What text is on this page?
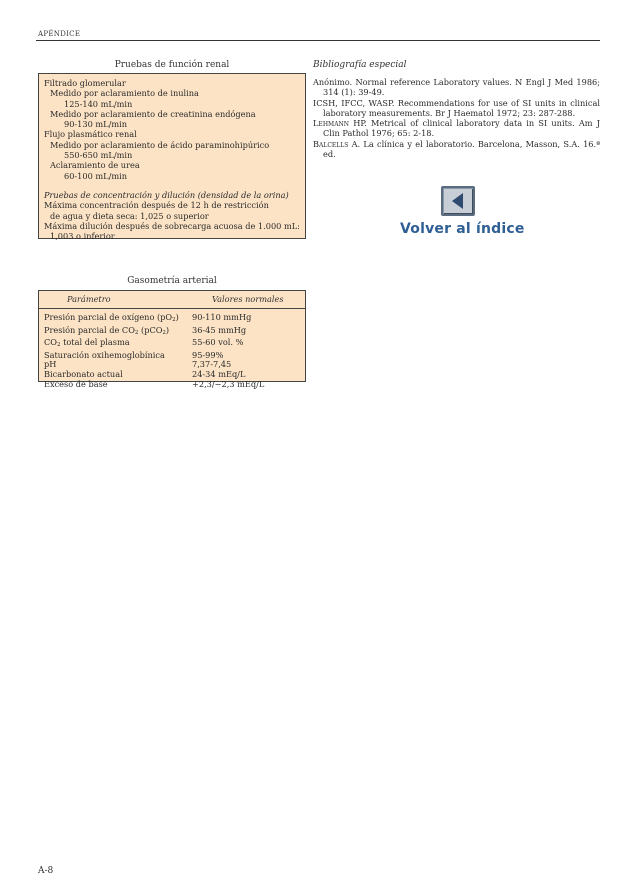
APÉNDICE
Pruebas de función renal
Filtrado glomerular
Medido por aclaramiento de inulina
125-140 mL/min
Medido por aclaramiento de creatinina endógena
90-130 mL/min
Flujo plasmático renal
Medido por aclaramiento de ácido paraminohipúrico
550-650 mL/min
Aclaramiento de urea
60-100 mL/min
Pruebas de concentración y dilución (densidad de la orina)
Máxima concentración después de 12 h de restricción
de agua y dieta seca: 1,025 o superior
Máxima dilución después de sobrecarga acuosa de 1.000 mL:
1,003 o inferior
Gasometría arterial
Parámetro	Valores normales
Presión parcial de oxígeno $(pO_2)$	90-110 mmHg
Presión parcial de $CO_2$ (pCO$_2$)	36-45 mmHg
$CO_2$ total del plasma	55-60 vol. %
Saturación oxihemoglobínica	95-99%
pH	7,37-7,45
Bicarbonato actual	24-34 mEq/L
Exceso de base	+2,3/−2,3 mEq/L
Bibliografía especial
Anónimo. Normal reference Laboratory values. N Engl J Med 1986; 314 (1): 39-49.
ICSH, IFCC, WASP. Recommendations for use of SI units in clinical laboratory measurements. Br J Haematol 1972; 23: 287-288.
Lehmann HP. Metrical of clinical laboratory data in SI units. Am J Clin Pathol 1976; 65: 2-18.
Balcells A. La clínica y el laboratorio. Barcelona, Masson, S.A. 16.ª ed.
Volver al índice
A-8
